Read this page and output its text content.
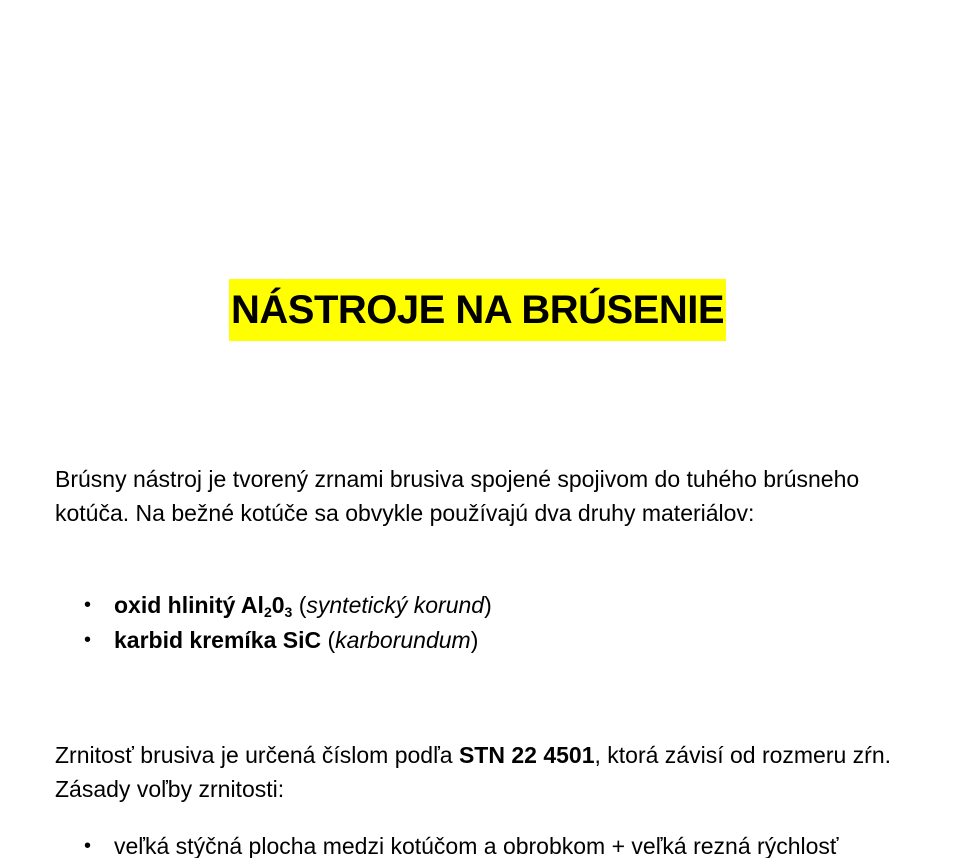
NÁSTROJE NA BRÚSENIE

Brúsny nástroj je tvorený zrnami brusiva spojené spojivom do tuhého brúsneho kotúča. Na bežné kotúče sa obvykle používajú dva druhy materiálov:

• oxid hlinitý $Al_20_3$ (syntetický korund)
• karbid kremíka SiC (karborundum)

Zrnitosť brusiva je určená číslom podľa STN 22 4501, ktorá závisí od rozmeru zŕn. Zásady voľby zrnitosti:

• veľká stýčná plocha medzi kotúčom a obrobkom + veľká rezná rýchlosť
